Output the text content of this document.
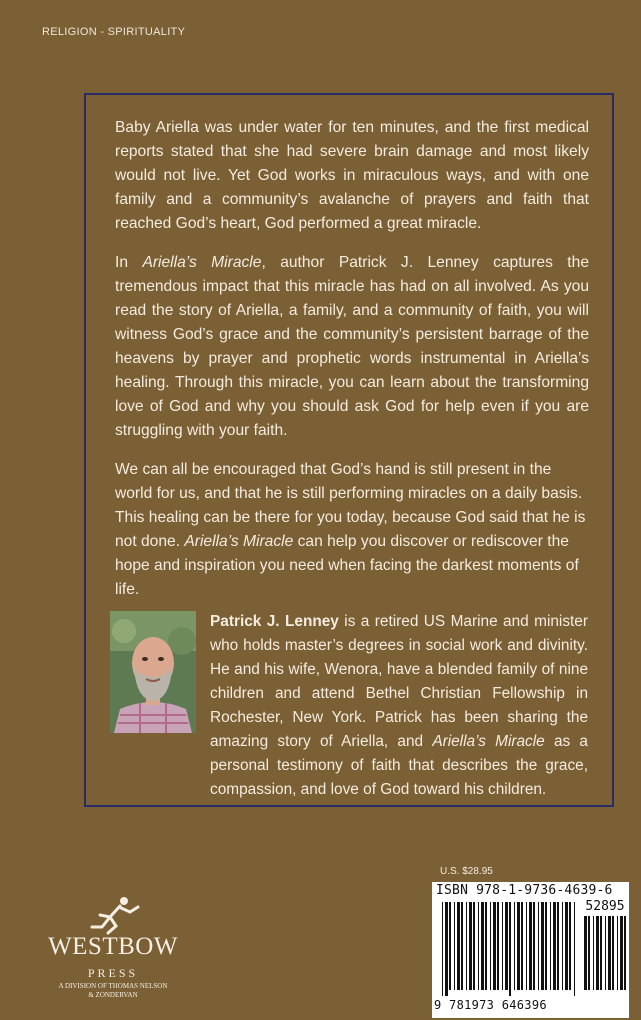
RELIGION - SPIRITUALITY

Baby Ariella was under water for ten minutes, and the first medical reports stated that she had severe brain damage and most likely would not live. Yet God works in miraculous ways, and with one family and a community’s avalanche of prayers and faith that reached God’s heart, God performed a great miracle.

In Ariella’s Miracle, author Patrick J. Lenney captures the tremendous impact that this miracle has had on all involved. As you read the story of Ariella, a family, and a community of faith, you will witness God’s grace and the community’s persistent barrage of the heavens by prayer and prophetic words instrumental in Ariella’s healing. Through this miracle, you can learn about the transforming love of God and why you should ask God for help even if you are struggling with your faith.

We can all be encouraged that God’s hand is still present in the world for us, and that he is still performing miracles on a daily basis. This healing can be there for you today, because God said that he is not done. Ariella’s Miracle can help you discover or rediscover the hope and inspiration you need when facing the darkest moments of life.

Patrick J. Lenney is a retired US Marine and minister who holds master’s degrees in social work and divinity. He and his wife, Wenora, have a blended family of nine children and attend Bethel Christian Fellowship in Rochester, New York. Patrick has been sharing the amazing story of Ariella, and Ariella’s Miracle as a personal testimony of faith that describes the grace, compassion, and love of God toward his children.
WESTBOW
PRESS
A DIVISION OF THOMAS NELSON
& ZONDERVAN
U.S. $28.95
ISBN 978-1-9736-4639-6
52895
9 781973 646396
